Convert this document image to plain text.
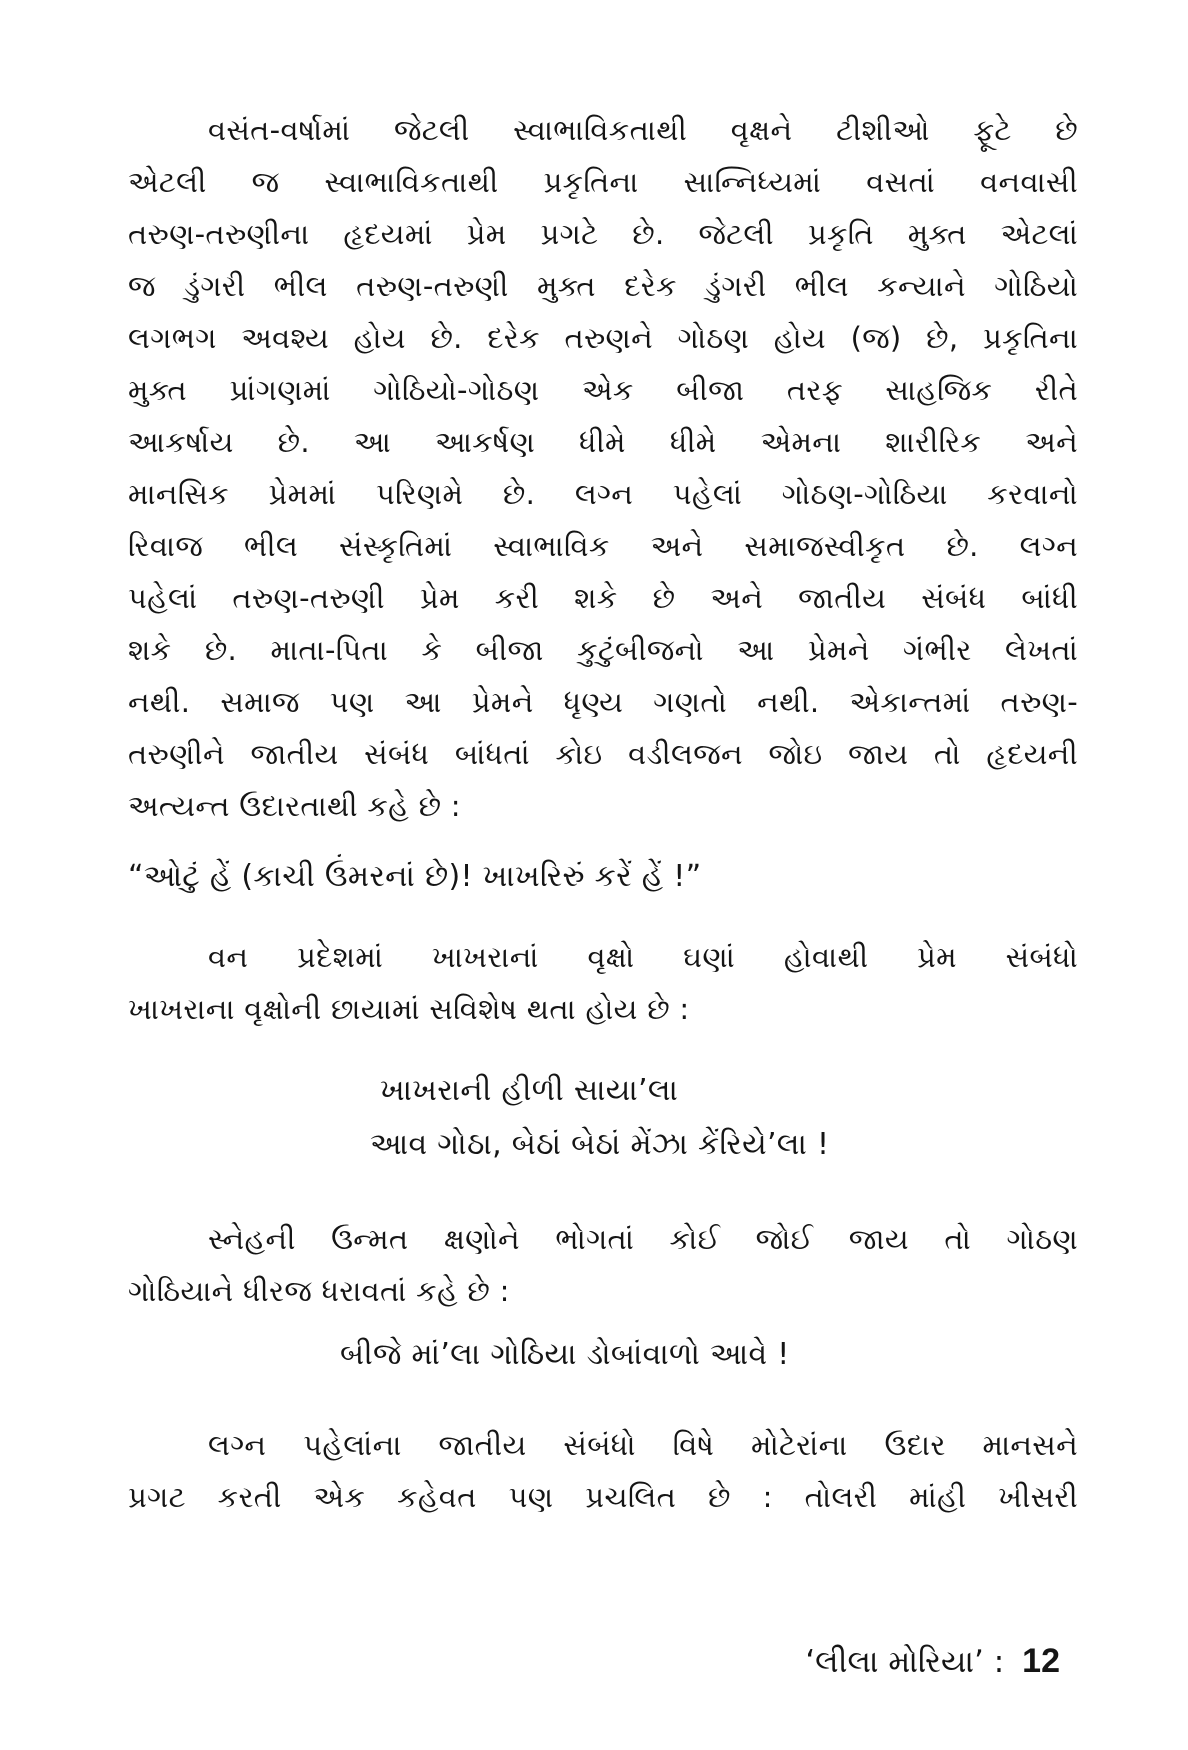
વસંત-વર્ષામાં જેટલી સ્વાભાવિકતાથી વૃક્ષને ટીશીઓ ફૂટે છે
એટલી જ સ્વાભાવિકતાથી પ્રકૃતિના સાન્નિધ્યમાં વસતાં વનવાસી
તરુણ-તરુણીના હૃદયમાં પ્રેમ પ્રગટે છે. જેટલી પ્રકૃતિ મુક્ત એટલાં
જ ડુંગરી ભીલ તરુણ-તરુણી મુક્ત દરેક ડુંગરી ભીલ કન્યાને ગોઠિયો
લગભગ અવશ્ય હોય છે. દરેક તરુણને ગોઠણ હોય (જ) છે, પ્રકૃતિના
મુક્ત પ્રાંગણમાં ગોઠિયો-ગોઠણ એક બીજા તરફ સાહજિક રીતે
આકર્ષાય છે. આ આકર્ષણ ધીમે ધીમે એમના શારીરિક અને
માનસિક પ્રેમમાં પરિણમે છે. લગ્ન પહેલાં ગોઠણ-ગોઠિયા કરવાનો
રિવાજ ભીલ સંસ્કૃતિમાં સ્વાભાવિક અને સમાજસ્વીકૃત છે. લગ્ન
પહેલાં તરુણ-તરુણી પ્રેમ કરી શકે છે અને જાતીય સંબંધ બાંધી
શકે છે. માતા-પિતા કે બીજા કુટુંબીજનો આ પ્રેમને ગંભીર લેખતાં
નથી. સમાજ પણ આ પ્રેમને ધૃણ્ય ગણતો નથી. એકાન્તમાં તરુણ-
તરુણીને જાતીય સંબંધ બાંધતાં કોઇ વડીલજન જોઇ જાય તો હૃદયની
અત્યન્ત ઉદારતાથી કહે છે :
“ઓટું હેં (કાચી ઉંમરનાં છે)! ખાખરિરું કરેં હેં !”
વન પ્રદેશમાં ખાખરાનાં વૃક્ષો ઘણાં હોવાથી પ્રેમ સંબંધો
ખાખરાના વૃક્ષોની છાયામાં સવિશેષ થતા હોય છે :
ખાખરાની હીળી સાયા’લા
આવ ગોઠા, બેઠાં બેઠાં મેંઝા કેંરિયે’લા !
સ્નેહની ઉન્મત ક્ષણોને ભોગતાં કોઈ જોઈ જાય તો ગોઠણ
ગોઠિયાને ધીરજ ધરાવતાં કહે છે :
બીજે માં’લા ગોઠિયા ડોબાંવાળો આવે !
લગ્ન પહેલાંના જાતીય સંબંધો વિષે મોટેરાંના ઉદાર માનસને
પ્રગટ કરતી એક કહેવત પણ પ્રચલિત છે : તોલરી માંહી ખીસરી
‘લીલા મોરિયા’ : 12
